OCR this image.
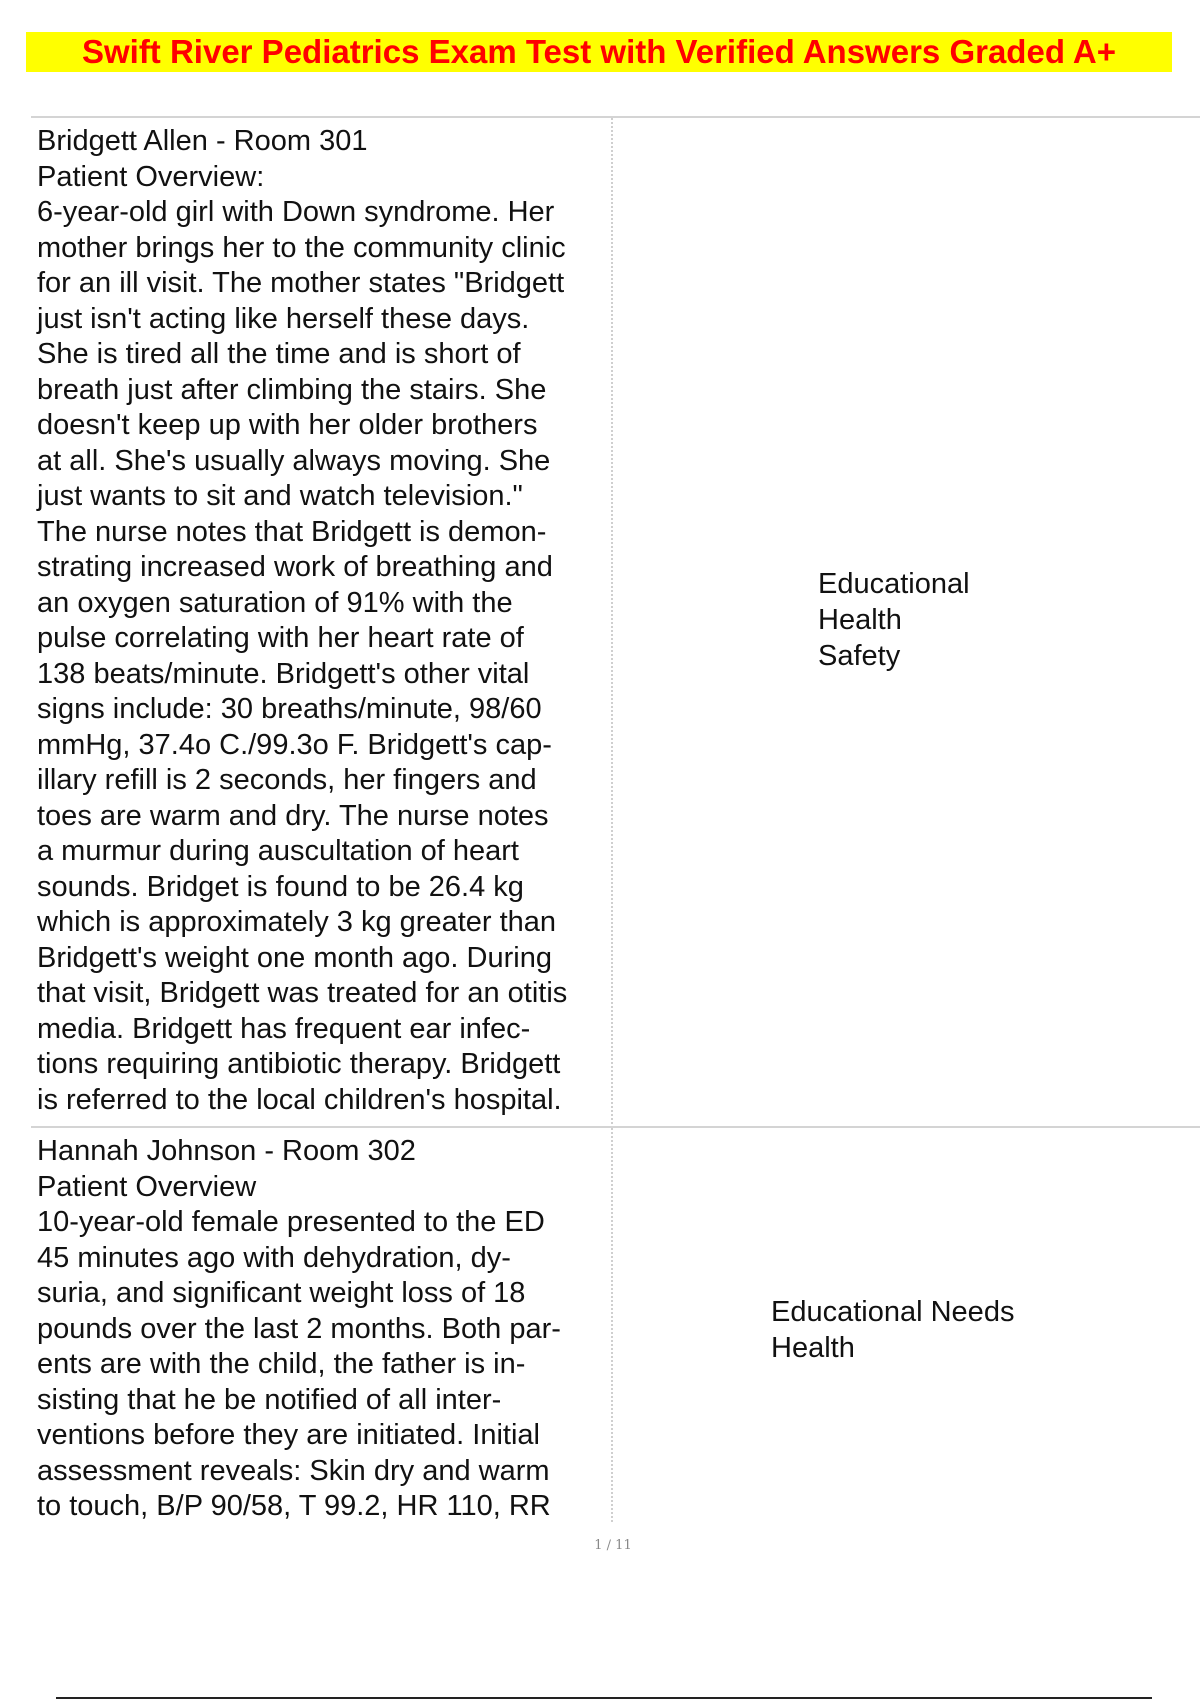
Swift River Pediatrics Exam Test with Verified Answers Graded A+
Bridgett Allen - Room 301
Patient Overview:
6-year-old girl with Down syndrome. Her
mother brings her to the community clinic
for an ill visit. The mother states "Bridgett
just isn't acting like herself these days.
She is tired all the time and is short of
breath just after climbing the stairs. She
doesn't keep up with her older brothers
at all. She's usually always moving. She
just wants to sit and watch television."
The nurse notes that Bridgett is demon-
strating increased work of breathing and
an oxygen saturation of 91% with the
pulse correlating with her heart rate of
138 beats/minute. Bridgett's other vital
signs include: 30 breaths/minute, 98/60
mmHg, 37.4o C./99.3o F. Bridgett's cap-
illary refill is 2 seconds, her fingers and
toes are warm and dry. The nurse notes
a murmur during auscultation of heart
sounds. Bridget is found to be 26.4 kg
which is approximately 3 kg greater than
Bridgett's weight one month ago. During
that visit, Bridgett was treated for an otitis
media. Bridgett has frequent ear infec-
tions requiring antibiotic therapy. Bridgett
is referred to the local children's hospital.
Educational
Health
Safety
Hannah Johnson - Room 302
Patient Overview
10-year-old female presented to the ED
45 minutes ago with dehydration, dy-
suria, and significant weight loss of 18
pounds over the last 2 months. Both par-
ents are with the child, the father is in-
sisting that he be notified of all inter-
ventions before they are initiated. Initial
assessment reveals: Skin dry and warm
to touch, B/P 90/58, T 99.2, HR 110, RR
Educational Needs
Health
1 / 11
